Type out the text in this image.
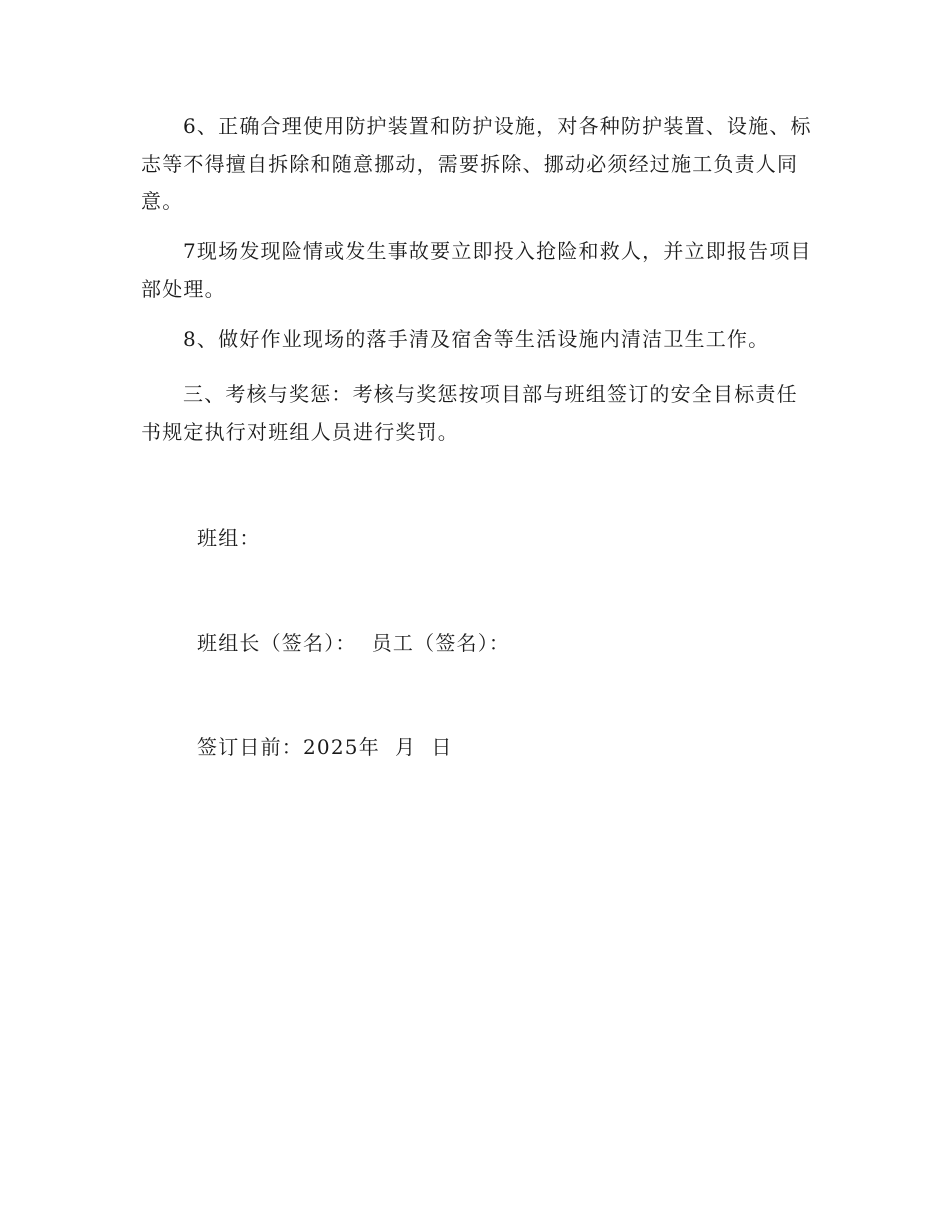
6、正确合理使用防护装置和防护设施，对各种防护装置、设施、标志等不得擅自拆除和随意挪动，需要拆除、挪动必须经过施工负责人同意。

7现场发现险情或发生事故要立即投入抢险和救人，并立即报告项目部处理。

8、做好作业现场的落手清及宿舍等生活设施内清洁卫生工作。

三、考核与奖惩：考核与奖惩按项目部与班组签订的安全目标责任书规定执行对班组人员进行奖罚。

班组：

班组长（签名）：  员工（签名）：

签订日前：2025年  月  日
